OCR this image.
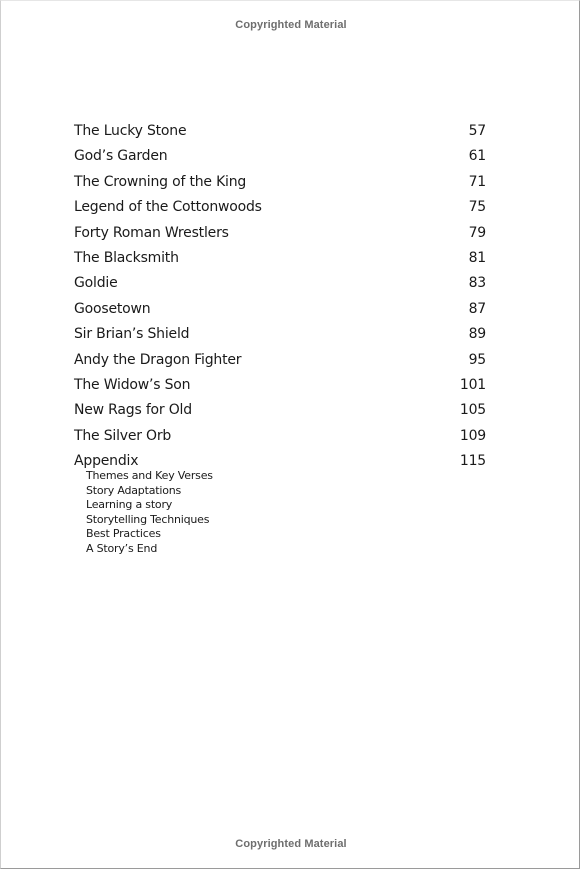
Copyrighted Material
The Lucky Stone	57
God’s Garden	61
The Crowning of the King	71
Legend of the Cottonwoods	75
Forty Roman Wrestlers	79
The Blacksmith	81
Goldie	83
Goosetown	87
Sir Brian’s Shield	89
Andy the Dragon Fighter	95
The Widow’s Son	101
New Rags for Old	105
The Silver Orb	109
Appendix	115
Themes and Key Verses
Story Adaptations
Learning a story
Storytelling Techniques
Best Practices
A Story’s End
Copyrighted Material
